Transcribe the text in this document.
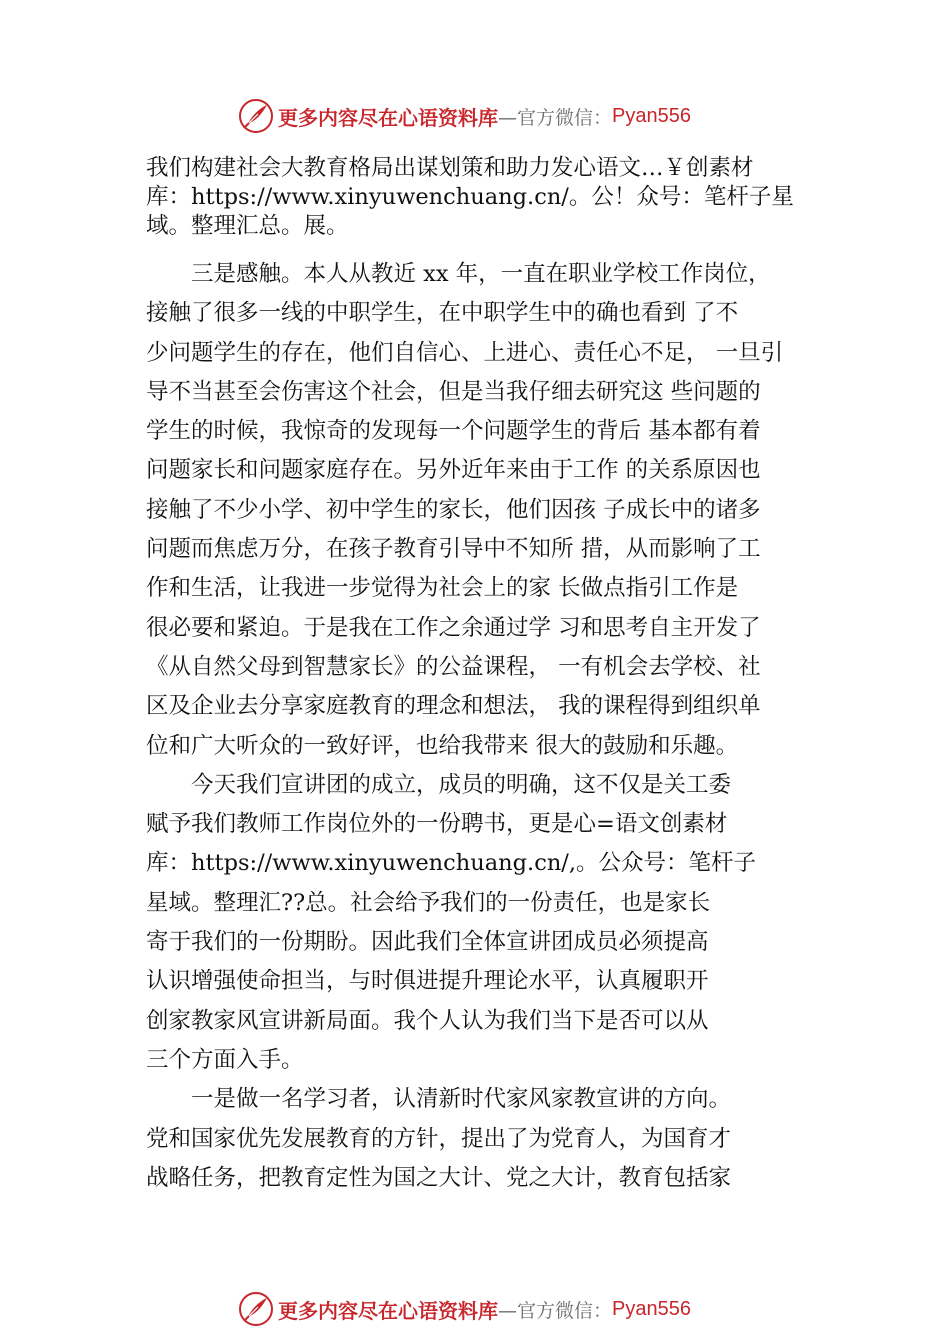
更多内容尽在心语资料库 —官方微信： Pyan556
我们构建社会大教育格局出谋划策和助力发心语文…￥创素材
库：https://www.xinyuwenchuang.cn/。公！众号：笔杆子星
域。整理汇总。展。
　　三是感触。本人从教近 xx 年，一直在职业学校工作岗位，
接触了很多一线的中职学生，在中职学生中的确也看到 了不
少问题学生的存在，他们自信心、上进心、责任心不足， 一旦引
导不当甚至会伤害这个社会，但是当我仔细去研究这 些问题的
学生的时候，我惊奇的发现每一个问题学生的背后 基本都有着
问题家长和问题家庭存在。另外近年来由于工作 的关系原因也
接触了不少小学、初中学生的家长，他们因孩 子成长中的诸多
问题而焦虑万分，在孩子教育引导中不知所 措，从而影响了工
作和生活，让我进一步觉得为社会上的家 长做点指引工作是
很必要和紧迫。于是我在工作之余通过学 习和思考自主开发了
《从自然父母到智慧家长》的公益课程， 一有机会去学校、社
区及企业去分享家庭教育的理念和想法， 我的课程得到组织单
位和广大听众的一致好评，也给我带来 很大的鼓励和乐趣。
　　今天我们宣讲团的成立，成员的明确，这不仅是关工委
赋予我们教师工作岗位外的一份聘书，更是心=语文创素材
库：https://www.xinyuwenchuang.cn/,。公众号：笔杆子
星域。整理汇??总。社会给予我们的一份责任，也是家长
寄于我们的一份期盼。因此我们全体宣讲团成员必须提高
认识增强使命担当，与时俱进提升理论水平，认真履职开
创家教家风宣讲新局面。我个人认为我们当下是否可以从
三个方面入手。
　　一是做一名学习者，认清新时代家风家教宣讲的方向。
党和国家优先发展教育的方针，提出了为党育人，为国育才
战略任务，把教育定性为国之大计、党之大计，教育包括家
更多内容尽在心语资料库 —官方微信： Pyan556
